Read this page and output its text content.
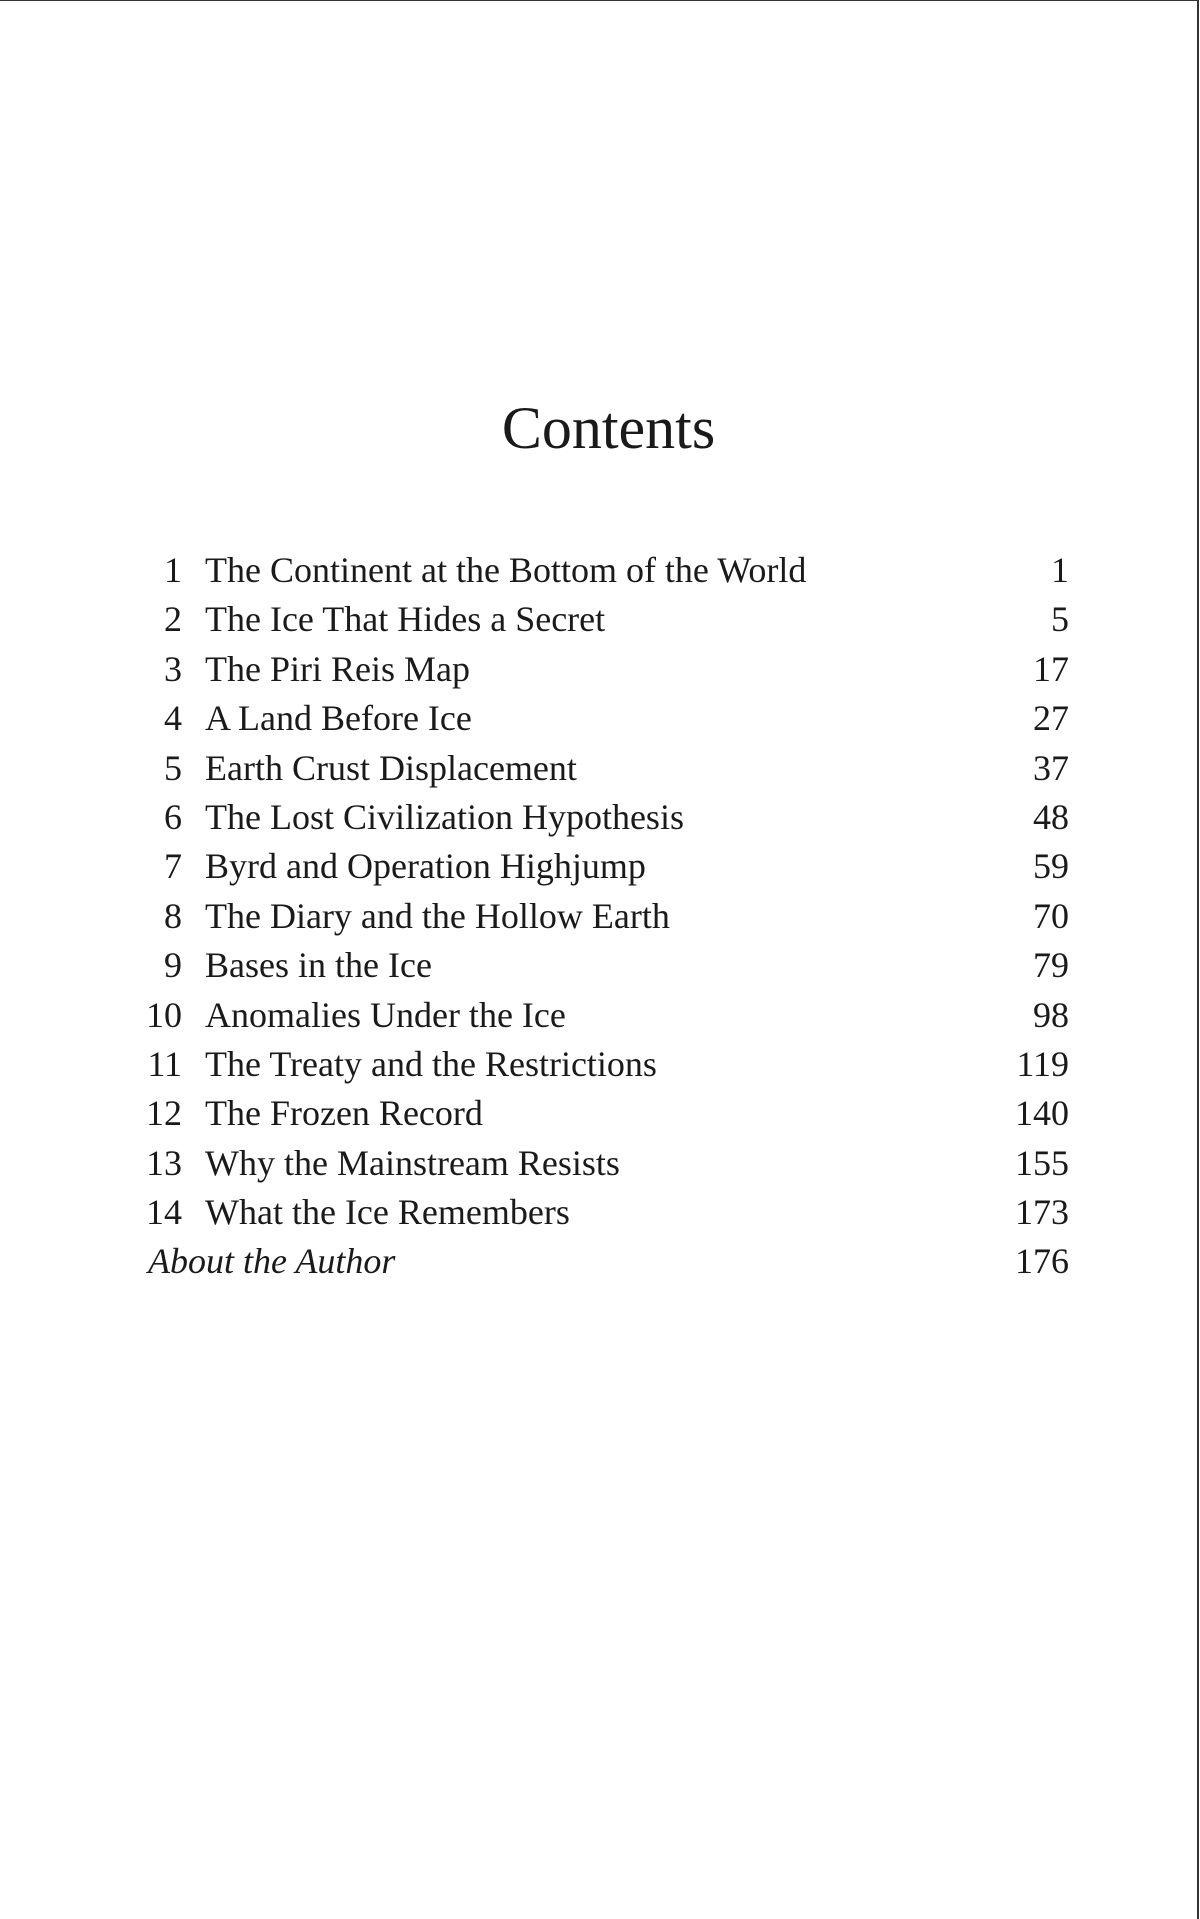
Contents
1 The Continent at the Bottom of the World	1
2 The Ice That Hides a Secret	5
3 The Piri Reis Map	17
4 A Land Before Ice	27
5 Earth Crust Displacement	37
6 The Lost Civilization Hypothesis	48
7 Byrd and Operation Highjump	59
8 The Diary and the Hollow Earth	70
9 Bases in the Ice	79
10 Anomalies Under the Ice	98
11 The Treaty and the Restrictions	119
12 The Frozen Record	140
13 Why the Mainstream Resists	155
14 What the Ice Remembers	173
About the Author	176
